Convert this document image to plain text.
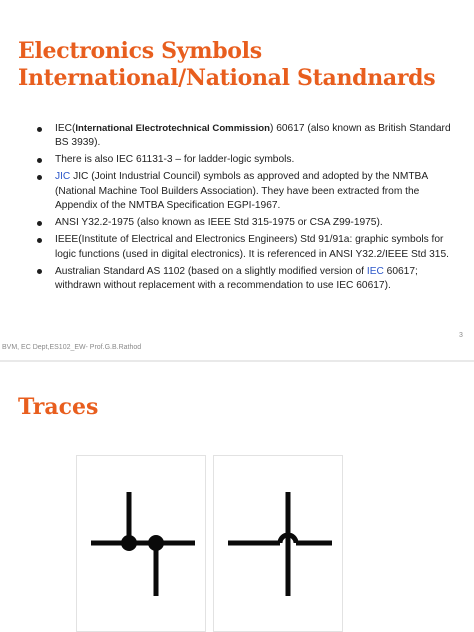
Electronics Symbols
International/National Standnards
IEC(International Electrotechnical Commission) 60617 (also known as British Standard BS 3939).
There is also IEC 61131-3 – for ladder-logic symbols.
JIC JIC (Joint Industrial Council) symbols as approved and adopted by the NMTBA (National Machine Tool Builders Association). They have been extracted from the Appendix of the NMTBA Specification EGPI-1967.
ANSI Y32.2-1975 (also known as IEEE Std 315-1975 or CSA Z99-1975).
IEEE(Institute of Electrical and Electronics Engineers) Std 91/91a: graphic symbols for logic functions (used in digital electronics). It is referenced in ANSI Y32.2/IEEE Std 315.
Australian Standard AS 1102 (based on a slightly modified version of IEC 60617; withdrawn without replacement with a recommendation to use IEC 60617).
3
BVM, EC Dept,ES102_EW- Prof.G.B.Rathod
Traces
